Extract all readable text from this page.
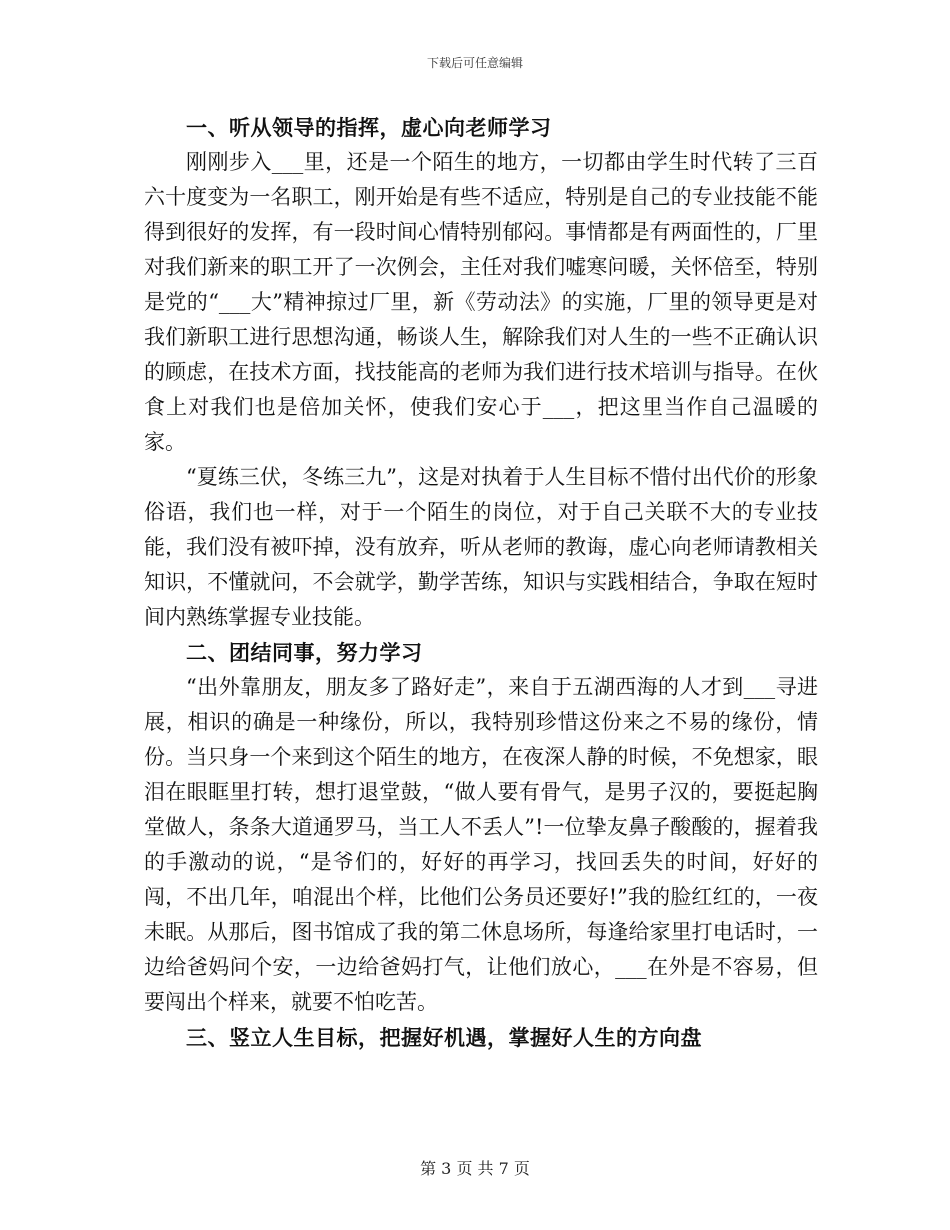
下载后可任意编辑
一、听从领导的指挥，虚心向老师学习

刚刚步入___里，还是一个陌生的地方，一切都由学生时代转了三百六十度变为一名职工，刚开始是有些不适应，特别是自己的专业技能不能得到很好的发挥，有一段时间心情特别郁闷。事情都是有两面性的，厂里对我们新来的职工开了一次例会，主任对我们嘘寒问暖，关怀倍至，特别是党的“___大”精神掠过厂里，新《劳动法》的实施，厂里的领导更是对我们新职工进行思想沟通，畅谈人生，解除我们对人生的一些不正确认识的顾虑，在技术方面，找技能高的老师为我们进行技术培训与指导。在伙食上对我们也是倍加关怀，使我们安心于___，把这里当作自己温暖的家。

“夏练三伏，冬练三九”，这是对执着于人生目标不惜付出代价的形象俗语，我们也一样，对于一个陌生的岗位，对于自己关联不大的专业技能，我们没有被吓掉，没有放弃，听从老师的教诲，虚心向老师请教相关知识，不懂就问，不会就学，勤学苦练，知识与实践相结合，争取在短时间内熟练掌握专业技能。

二、团结同事，努力学习

“出外靠朋友，朋友多了路好走”，来自于五湖西海的人才到___寻进展，相识的确是一种缘份，所以，我特别珍惜这份来之不易的缘份，情份。当只身一个来到这个陌生的地方，在夜深人静的时候，不免想家，眼泪在眼眶里打转，想打退堂鼓，“做人要有骨气，是男子汉的，要挺起胸堂做人，条条大道通罗马，当工人不丢人”!一位挚友鼻子酸酸的，握着我的手激动的说，“是爷们的，好好的再学习，找回丢失的时间，好好的闯，不出几年，咱混出个样，比他们公务员还要好!”我的脸红红的，一夜未眠。从那后，图书馆成了我的第二休息场所，每逢给家里打电话时，一边给爸妈问个安，一边给爸妈打气，让他们放心，___在外是不容易，但要闯出个样来，就要不怕吃苦。

三、竖立人生目标，把握好机遇，掌握好人生的方向盘
第 3 页 共 7 页
